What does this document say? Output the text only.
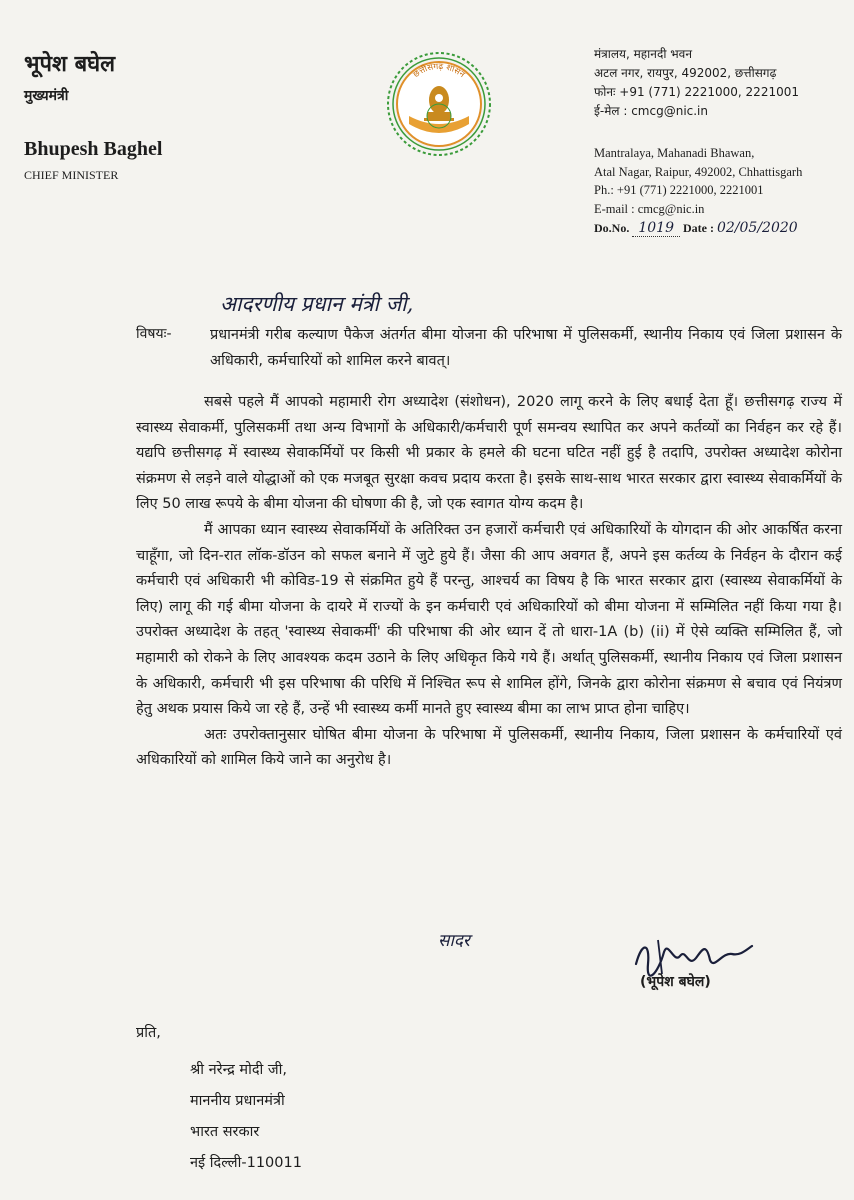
भूपेश बघेल
मुख्यमंत्री
Bhupesh Baghel
CHIEF MINISTER
छत्तीसगढ़ शासन
मंत्रालय, महानदी भवन
अटल नगर, रायपुर, 492002, छत्तीसगढ़
फोनः +91 (771) 2221000, 2221001
ई-मेल : cmcg@nic.in
Mantralaya, Mahanadi Bhawan,
Atal Nagar, Raipur, 492002, Chhattisgarh
Ph.: +91 (771) 2221000, 2221001
E-mail : cmcg@nic.in
Do.No. 1019 Date : 02/05/2020
आदरणीय प्रधान मंत्री जी,
विषयः-	प्रधानमंत्री गरीब कल्याण पैकेज अंतर्गत बीमा योजना की परिभाषा में पुलिसकर्मी, स्थानीय निकाय एवं जिला प्रशासन के अधिकारी, कर्मचारियों को शामिल करने बावत्।

सबसे पहले मैं आपको महामारी रोग अध्यादेश (संशोधन), 2020 लागू करने के लिए बधाई देता हूँ। छत्तीसगढ़ राज्य में स्वास्थ्य सेवाकर्मी, पुलिसकर्मी तथा अन्य विभागों के अधिकारी/कर्मचारी पूर्ण समन्वय स्थापित कर अपने कर्तव्यों का निर्वहन कर रहे हैं। यद्यपि छत्तीसगढ़ में स्वास्थ्य सेवाकर्मियों पर किसी भी प्रकार के हमले की घटना घटित नहीं हुई है तदापि, उपरोक्त अध्यादेश कोरोना संक्रमण से लड़ने वाले योद्धाओं को एक मजबूत सुरक्षा कवच प्रदाय करता है। इसके साथ-साथ भारत सरकार द्वारा स्वास्थ्य सेवाकर्मियों के लिए 50 लाख रूपये के बीमा योजना की घोषणा की है, जो एक स्वागत योग्य कदम है।

मैं आपका ध्यान स्वास्थ्य सेवाकर्मियों के अतिरिक्त उन हजारों कर्मचारी एवं अधिकारियों के योगदान की ओर आकर्षित करना चाहूँगा, जो दिन-रात लॉक-डॉउन को सफल बनाने में जुटे हुये हैं। जैसा की आप अवगत हैं, अपने इस कर्तव्य के निर्वहन के दौरान कई कर्मचारी एवं अधिकारी भी कोविड-19 से संक्रमित हुये हैं परन्तु, आश्चर्य का विषय है कि भारत सरकार द्वारा (स्वास्थ्य सेवाकर्मियों के लिए) लागू की गई बीमा योजना के दायरे में राज्यों के इन कर्मचारी एवं अधिकारियों को बीमा योजना में सम्मिलित नहीं किया गया है। उपरोक्त अध्यादेश के तहत् 'स्वास्थ्य सेवाकर्मी' की परिभाषा की ओर ध्यान दें तो धारा-1A (b) (ii) में ऐसे व्यक्ति सम्मिलित हैं, जो महामारी को रोकने के लिए आवश्यक कदम उठाने के लिए अधिकृत किये गये हैं। अर्थात् पुलिसकर्मी, स्थानीय निकाय एवं जिला प्रशासन के अधिकारी, कर्मचारी भी इस परिभाषा की परिधि में निश्चित रूप से शामिल होंगे, जिनके द्वारा कोरोना संक्रमण से बचाव एवं नियंत्रण हेतु अथक प्रयास किये जा रहे हैं, उन्हें भी स्वास्थ्य कर्मी मानते हुए स्वास्थ्य बीमा का लाभ प्राप्त होना चाहिए।

अतः उपरोक्तानुसार घोषित बीमा योजना के परिभाषा में पुलिसकर्मी, स्थानीय निकाय, जिला प्रशासन के कर्मचारियों एवं अधिकारियों को शामिल किये जाने का अनुरोध है।

सादर
(भूपेश बघेल)
प्रति,
श्री नरेन्द्र मोदी जी,
माननीय प्रधानमंत्री
भारत सरकार
नई दिल्ली-110011
